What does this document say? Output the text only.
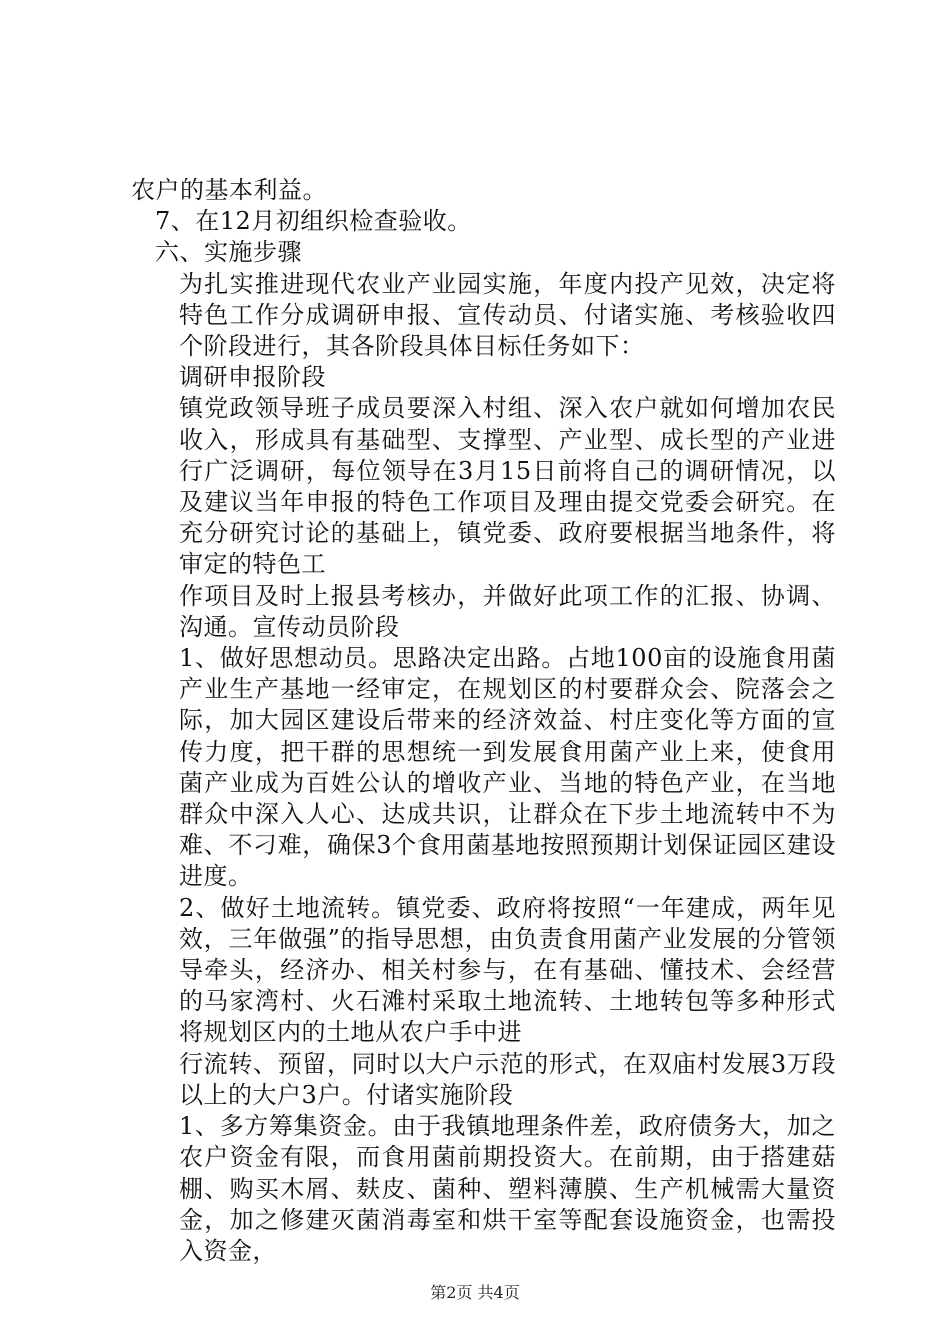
农户的基本利益。

7、在12月初组织检查验收。

六、实施步骤

为扎实推进现代农业产业园实施，年度内投产见效，决定将特色工作分成调研申报、宣传动员、付诸实施、考核验收四个阶段进行，其各阶段具体目标任务如下：

调研申报阶段

镇党政领导班子成员要深入村组、深入农户就如何增加农民收入，形成具有基础型、支撑型、产业型、成长型的产业进行广泛调研，每位领导在3月15日前将自己的调研情况，以及建议当年申报的特色工作项目及理由提交党委会研究。在充分研究讨论的基础上，镇党委、政府要根据当地条件，将审定的特色工

作项目及时上报县考核办，并做好此项工作的汇报、协调、沟通。宣传动员阶段

1、做好思想动员。思路决定出路。占地100亩的设施食用菌产业生产基地一经审定，在规划区的村要群众会、院落会之际，加大园区建设后带来的经济效益、村庄变化等方面的宣传力度，把干群的思想统一到发展食用菌产业上来，使食用菌产业成为百姓公认的增收产业、当地的特色产业，在当地群众中深入人心、达成共识，让群众在下步土地流转中不为难、不刁难，确保3个食用菌基地按照预期计划保证园区建设进度。

2、做好土地流转。镇党委、政府将按照“一年建成，两年见效，三年做强”的指导思想，由负责食用菌产业发展的分管领导牵头，经济办、相关村参与，在有基础、懂技术、会经营的马家湾村、火石滩村采取土地流转、土地转包等多种形式将规划区内的土地从农户手中进

行流转、预留，同时以大户示范的形式，在双庙村发展3万段以上的大户3户。付诸实施阶段

1、多方筹集资金。由于我镇地理条件差，政府债务大，加之农户资金有限，而食用菌前期投资大。在前期，由于搭建菇棚、购买木屑、麸皮、菌种、塑料薄膜、生产机械需大量资金，加之修建灭菌消毒室和烘干室等配套设施资金，也需投入资金，

第2页 共4页
